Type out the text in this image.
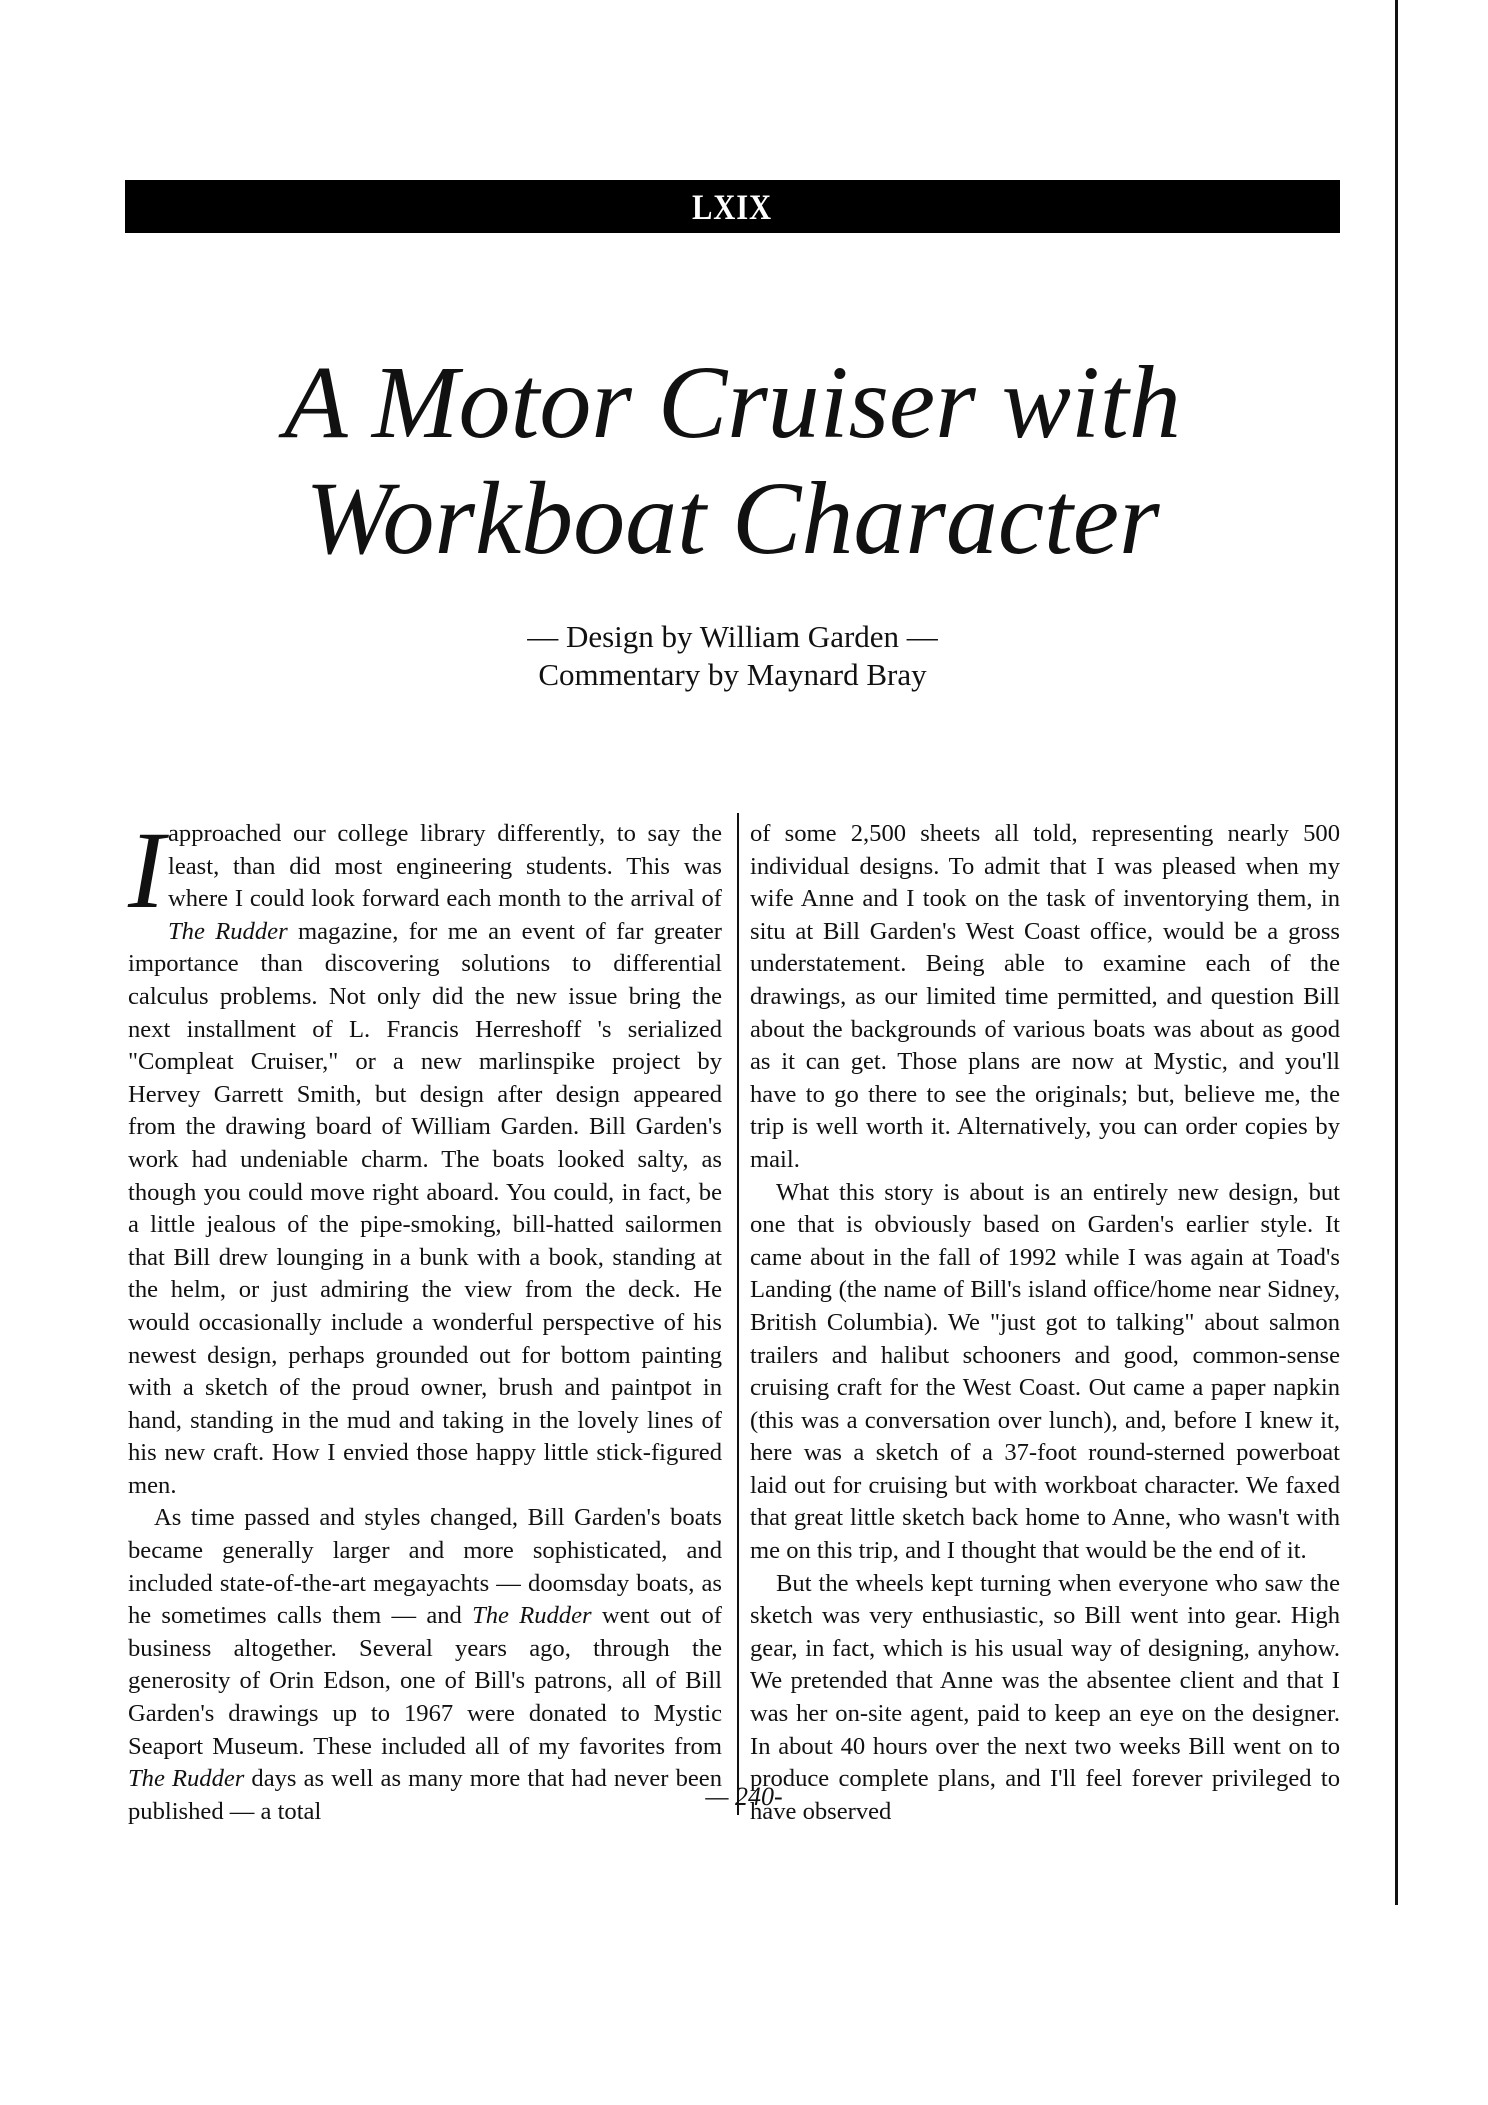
LXIX
A Motor Cruiser with
Workboat Character
— Design by William Garden —
Commentary by Maynard Bray

Iapproached our college library differently, to say the least, than did most engineering students. This was where I could look forward each month to the arrival of The Rudder magazine, for me an event of far greater importance than discovering solutions to differential calculus problems. Not only did the new issue bring the next installment of L. Francis Herreshoff 's serialized "Compleat Cruiser," or a new marlinspike project by Hervey Garrett Smith, but design after design appeared from the drawing board of William Garden. Bill Garden's work had undeniable charm. The boats looked salty, as though you could move right aboard. You could, in fact, be a little jealous of the pipe-smoking, bill-hatted sailormen that Bill drew lounging in a bunk with a book, standing at the helm, or just admiring the view from the deck. He would occasionally include a wonderful perspective of his newest design, perhaps grounded out for bottom painting with a sketch of the proud owner, brush and paintpot in hand, standing in the mud and taking in the lovely lines of his new craft. How I envied those happy little stick-figured men.

As time passed and styles changed, Bill Garden's boats became generally larger and more sophisticated, and included state-of-the-art megayachts — doomsday boats, as he sometimes calls them — and The Rudder went out of business altogether. Several years ago, through the generosity of Orin Edson, one of Bill's patrons, all of Bill Garden's drawings up to 1967 were donated to Mystic Seaport Museum. These included all of my favorites from The Rudder days as well as many more that had never been published — a total

of some 2,500 sheets all told, representing nearly 500 individual designs. To admit that I was pleased when my wife Anne and I took on the task of inventorying them, in situ at Bill Garden's West Coast office, would be a gross understatement. Being able to examine each of the drawings, as our limited time permitted, and question Bill about the backgrounds of various boats was about as good as it can get. Those plans are now at Mystic, and you'll have to go there to see the originals; but, believe me, the trip is well worth it. Alternatively, you can order copies by mail.

What this story is about is an entirely new design, but one that is obviously based on Garden's earlier style. It came about in the fall of 1992 while I was again at Toad's Landing (the name of Bill's island office/home near Sidney, British Columbia). We "just got to talking" about salmon trailers and halibut schooners and good, common-sense cruising craft for the West Coast. Out came a paper napkin (this was a conversation over lunch), and, before I knew it, here was a sketch of a 37-foot round-sterned powerboat laid out for cruising but with workboat character. We faxed that great little sketch back home to Anne, who wasn't with me on this trip, and I thought that would be the end of it.

But the wheels kept turning when everyone who saw the sketch was very enthusiastic, so Bill went into gear. High gear, in fact, which is his usual way of designing, anyhow. We pretended that Anne was the absentee client and that I was her on-site agent, paid to keep an eye on the designer. In about 40 hours over the next two weeks Bill went on to produce complete plans, and I'll feel forever privileged to have observed

— 240-
